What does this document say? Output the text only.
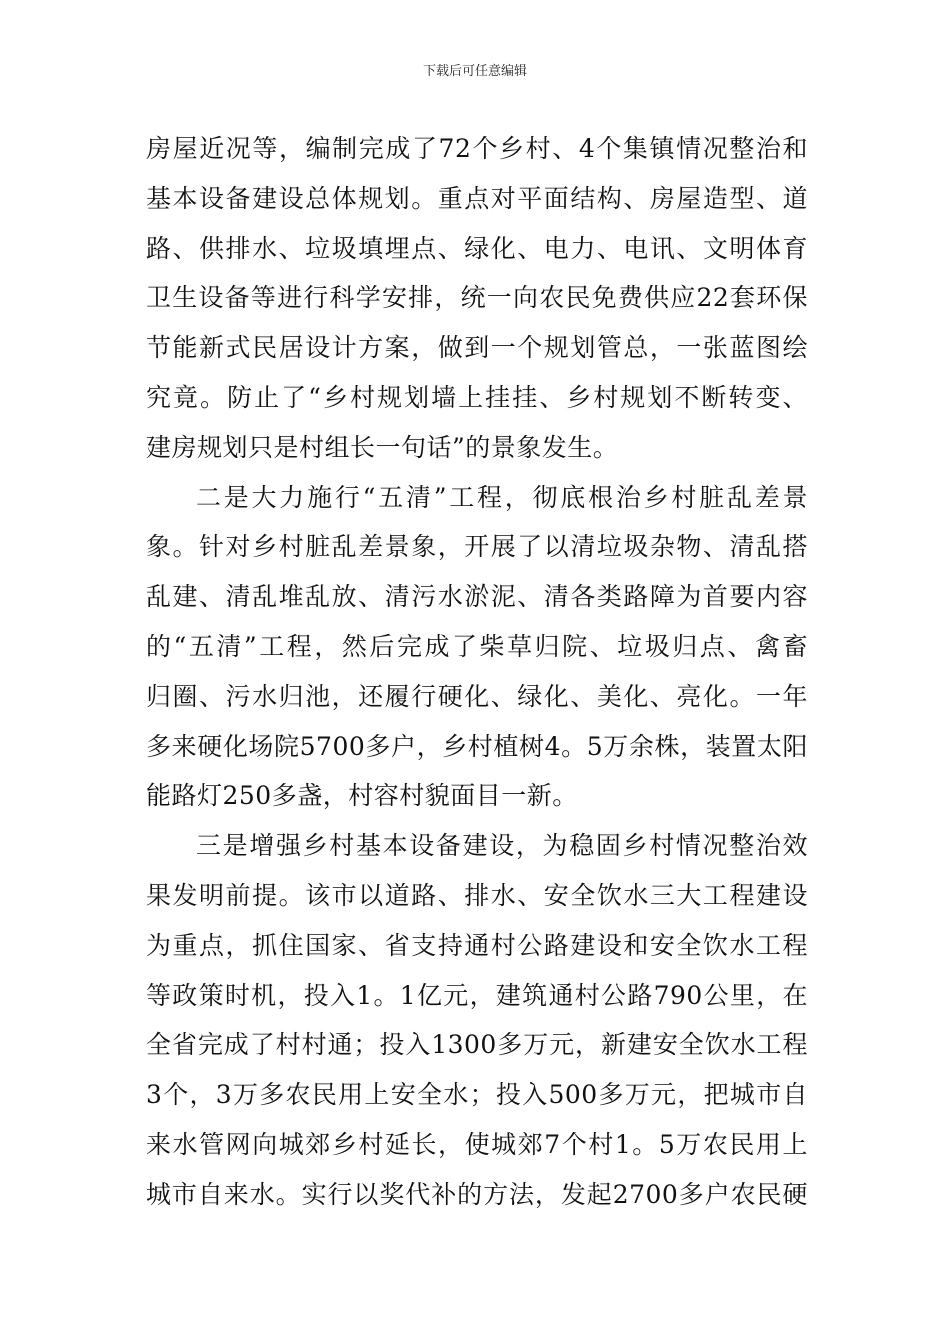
下载后可任意编辑
房屋近况等，编制完成了72个乡村、4个集镇情况整治和
基本设备建设总体规划。重点对平面结构、房屋造型、道
路、供排水、垃圾填埋点、绿化、电力、电讯、文明体育
卫生设备等进行科学安排，统一向农民免费供应22套环保
节能新式民居设计方案，做到一个规划管总，一张蓝图绘
究竟。防止了“乡村规划墙上挂挂、乡村规划不断转变、
建房规划只是村组长一句话”的景象发生。
二是大力施行“五清”工程，彻底根治乡村脏乱差景
象。针对乡村脏乱差景象，开展了以清垃圾杂物、清乱搭
乱建、清乱堆乱放、清污水淤泥、清各类路障为首要内容
的“五清”工程，然后完成了柴草归院、垃圾归点、禽畜
归圈、污水归池，还履行硬化、绿化、美化、亮化。一年
多来硬化场院5700多户，乡村植树4。5万余株，装置太阳
能路灯250多盏，村容村貌面目一新。
三是增强乡村基本设备建设，为稳固乡村情况整治效
果发明前提。该市以道路、排水、安全饮水三大工程建设
为重点，抓住国家、省支持通村公路建设和安全饮水工程
等政策时机，投入1。1亿元，建筑通村公路790公里，在
全省完成了村村通；投入1300多万元，新建安全饮水工程
3个，3万多农民用上安全水；投入500多万元，把城市自
来水管网向城郊乡村延长，使城郊7个村1。5万农民用上
城市自来水。实行以奖代补的方法，发起2700多户农民硬
